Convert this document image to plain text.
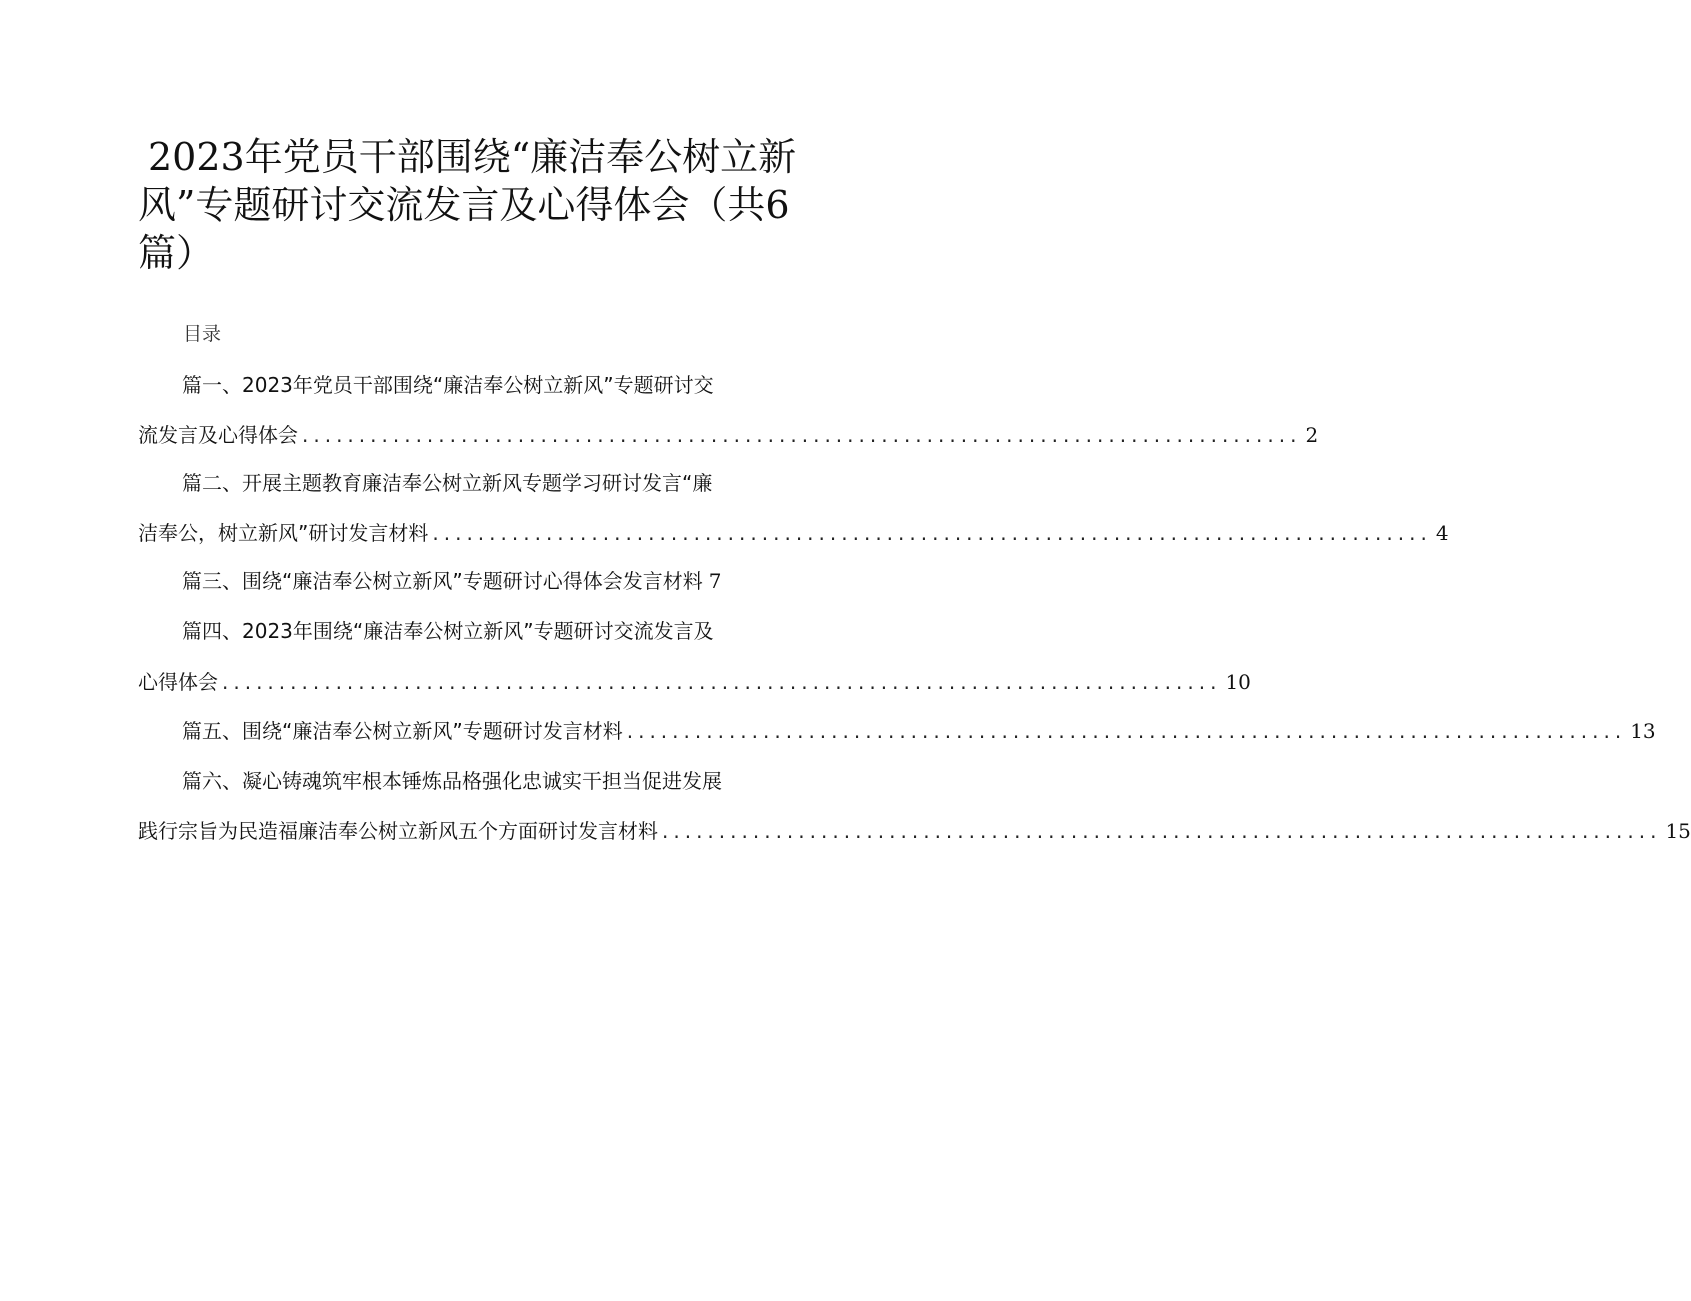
2023年党员干部围绕“廉洁奉公树立新
风”专题研讨交流发言及心得体会（共6
篇）
目录
篇一、2023年党员干部围绕“廉洁奉公树立新风”专题研讨交
流发言及心得体会 ........................................................................................ 2
篇二、开展主题教育廉洁奉公树立新风专题学习研讨发言“廉
洁奉公，树立新风”研讨发言材料 ........................................................................................ 4
篇三、围绕“廉洁奉公树立新风”专题研讨心得体会发言材料 7
篇四、2023年围绕“廉洁奉公树立新风”专题研讨交流发言及
心得体会 ........................................................................................ 10
篇五、围绕“廉洁奉公树立新风”专题研讨发言材料 ........................................................................................ 13
篇六、凝心铸魂筑牢根本锤炼品格强化忠诚实干担当促进发展
践行宗旨为民造福廉洁奉公树立新风五个方面研讨发言材料 ........................................................................................ 15
